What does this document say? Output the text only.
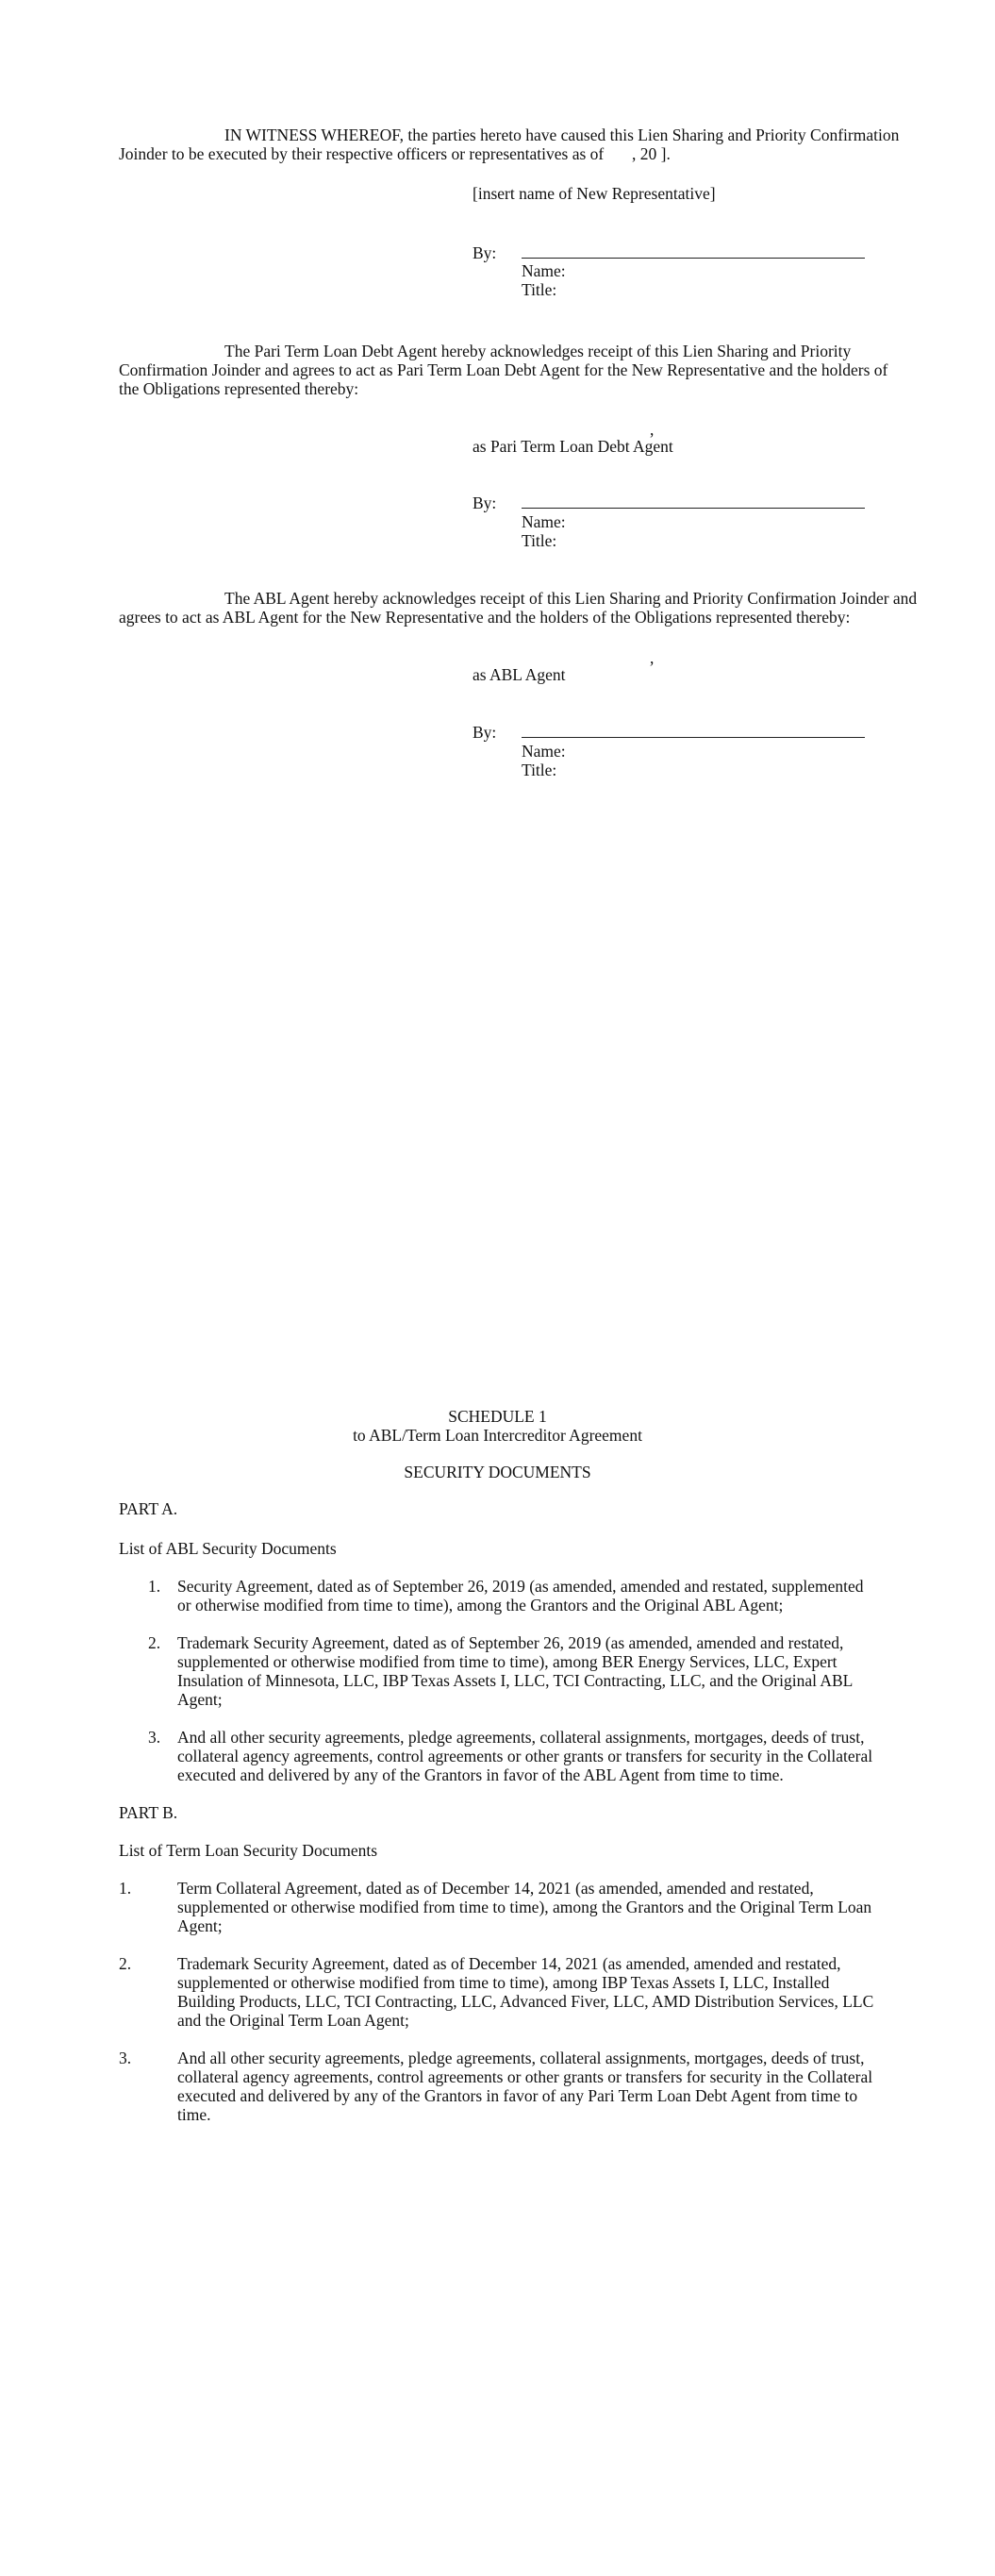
IN WITNESS WHEREOF, the parties hereto have caused this Lien Sharing and Priority Confirmation
Joinder to be executed by their respective officers or representatives as of , 20 ].
[insert name of New Representative]
By:
Name:
Title:
The Pari Term Loan Debt Agent hereby acknowledges receipt of this Lien Sharing and Priority
Confirmation Joinder and agrees to act as Pari Term Loan Debt Agent for the New Representative and the holders of
the Obligations represented thereby:
,
as Pari Term Loan Debt Agent
By:
Name:
Title:
The ABL Agent hereby acknowledges receipt of this Lien Sharing and Priority Confirmation Joinder and
agrees to act as ABL Agent for the New Representative and the holders of the Obligations represented thereby:
,
as ABL Agent
By:
Name:
Title:
SCHEDULE 1
to ABL/Term Loan Intercreditor Agreement
SECURITY DOCUMENTS
PART A.
List of ABL Security Documents
1. Security Agreement, dated as of September 26, 2019 (as amended, amended and restated, supplemented
or otherwise modified from time to time), among the Grantors and the Original ABL Agent;
2. Trademark Security Agreement, dated as of September 26, 2019 (as amended, amended and restated,
supplemented or otherwise modified from time to time), among BER Energy Services, LLC, Expert
Insulation of Minnesota, LLC, IBP Texas Assets I, LLC, TCI Contracting, LLC, and the Original ABL
Agent;
3. And all other security agreements, pledge agreements, collateral assignments, mortgages, deeds of trust,
collateral agency agreements, control agreements or other grants or transfers for security in the Collateral
executed and delivered by any of the Grantors in favor of the ABL Agent from time to time.
PART B.
List of Term Loan Security Documents
1.	Term Collateral Agreement, dated as of December 14, 2021 (as amended, amended and restated,
supplemented or otherwise modified from time to time), among the Grantors and the Original Term Loan
Agent;
2.	Trademark Security Agreement, dated as of December 14, 2021 (as amended, amended and restated,
supplemented or otherwise modified from time to time), among IBP Texas Assets I, LLC, Installed
Building Products, LLC, TCI Contracting, LLC, Advanced Fiver, LLC, AMD Distribution Services, LLC
and the Original Term Loan Agent;
3.	And all other security agreements, pledge agreements, collateral assignments, mortgages, deeds of trust,
collateral agency agreements, control agreements or other grants or transfers for security in the Collateral
executed and delivered by any of the Grantors in favor of any Pari Term Loan Debt Agent from time to
time.
